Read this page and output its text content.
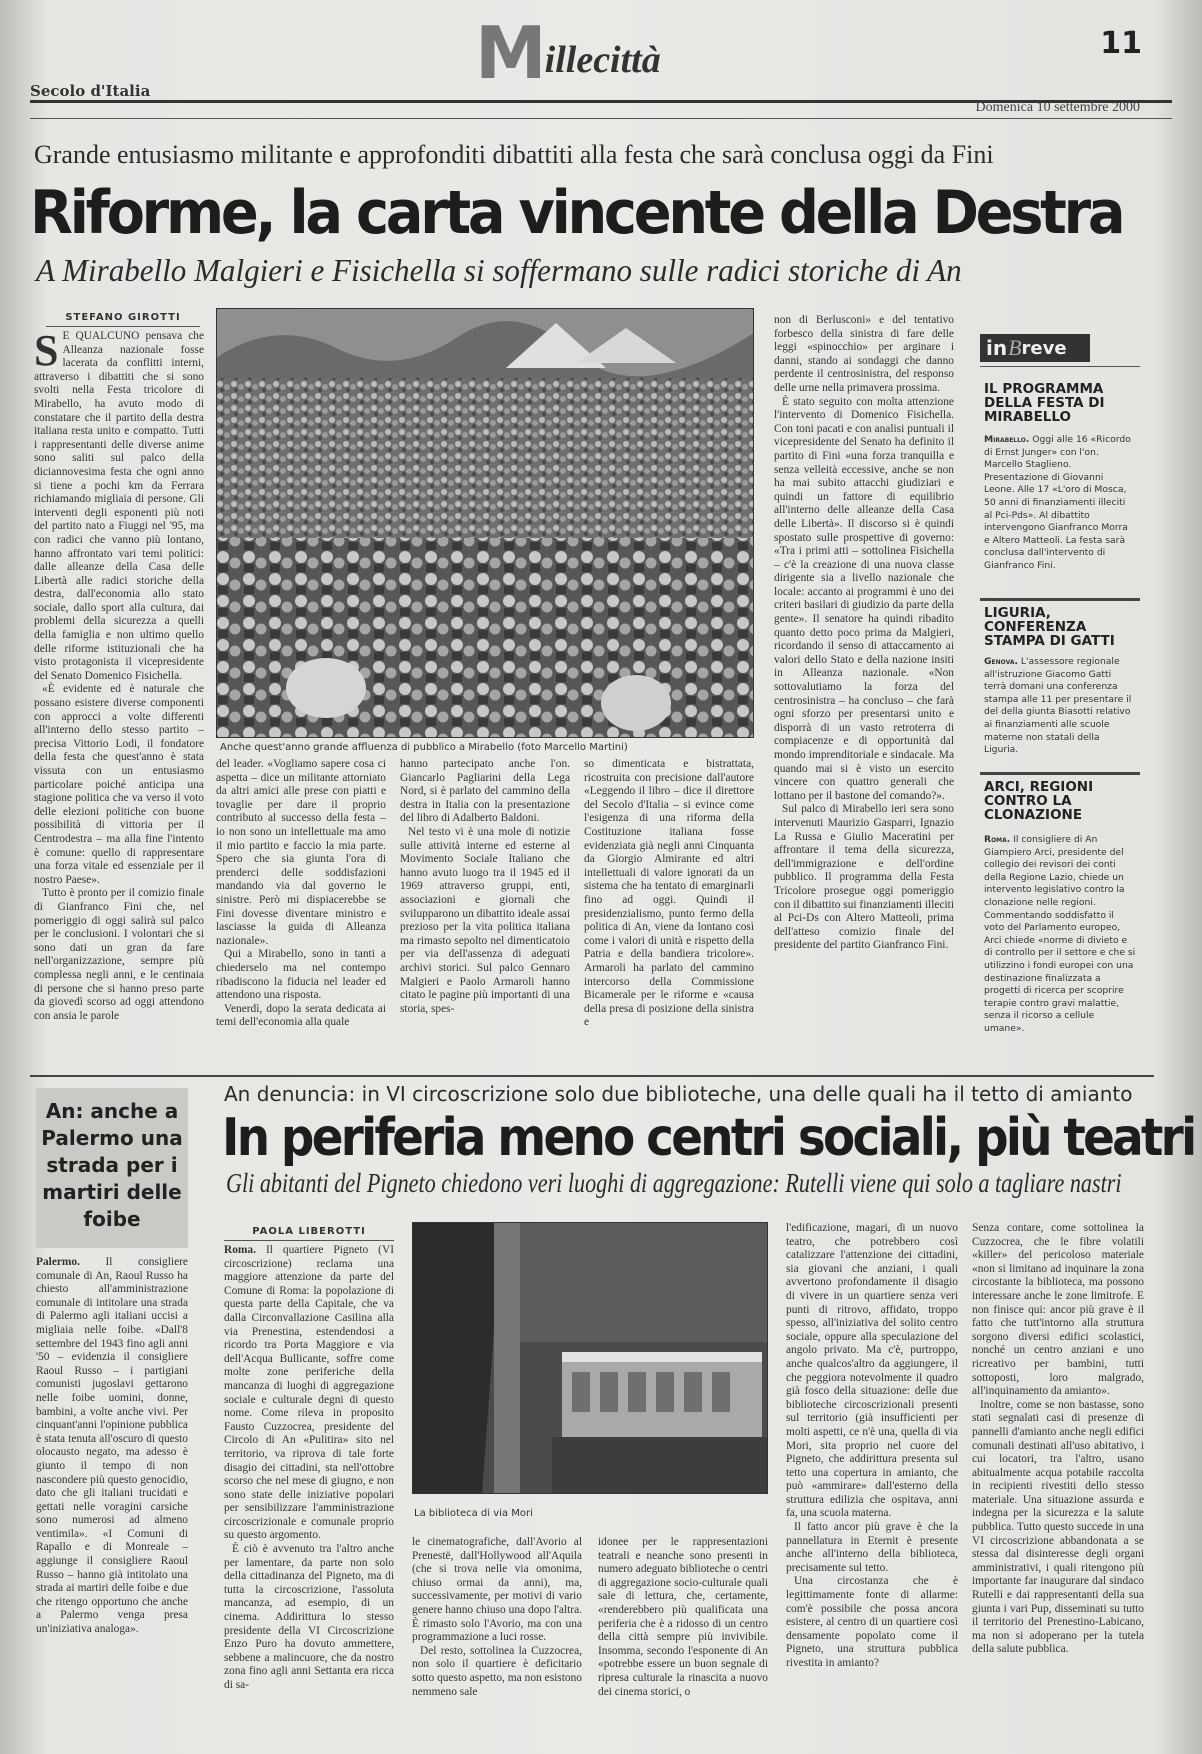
Secolo d'Italia	M illecittà	11
Domenica 10 settembre 2000
Grande entusiasmo militante e approfonditi dibattiti alla festa che sarà conclusa oggi da Fini
Riforme, la carta vincente della Destra
A Mirabello Malgieri e Fisichella si soffermano sulle radici storiche di An
STEFANO GIROTTI
S E QUALCUNO pensava che Alleanza nazionale fosse lacerata da conflitti interni, attraverso i dibattiti che si sono svolti nella Festa tricolore di Mirabello, ha avuto modo di constatare che il partito della destra italiana resta unito e compatto. Tutti i rappresentanti delle diverse anime sono saliti sul palco della diciannovesima festa che ogni anno si tiene a pochi km da Ferrara richiamando migliaia di persone. Gli interventi degli esponenti più noti del partito nato a Fiuggi nel '95, ma con radici che vanno più lontano, hanno affrontato vari temi politici: dalle alleanze della Casa delle Libertà alle radici storiche della destra, dall'economia allo stato sociale, dallo sport alla cultura, dai problemi della sicurezza a quelli della famiglia e non ultimo quello delle riforme istituzionali che ha visto protagonista il vicepresidente del Senato Domenico Fisichella.

«È evidente ed è naturale che possano esistere diverse componenti con approcci a volte differenti all'interno dello stesso partito – precisa Vittorio Lodi, il fondatore della festa che quest'anno è stata vissuta con un entusiasmo particolare poiché anticipa una stagione politica che va verso il voto delle elezioni politiche con buone possibilità di vittoria per il Centrodestra – ma alla fine l'intento è comune: quello di rappresentare una forza vitale ed essenziale per il nostro Paese».

Tutto è pronto per il comizio finale di Gianfranco Fini che, nel pomeriggio di oggi salirà sul palco per le conclusioni. I volontari che si sono dati un gran da fare nell'organizzazione, sempre più complessa negli anni, e le centinaia di persone che si hanno preso parte da giovedì scorso ad oggi attendono con ansia le parole

Anche quest'anno grande affluenza di pubblico a Mirabello (foto Marcello Martini)

del leader. «Vogliamo sapere cosa ci aspetta – dice un militante attorniato da altri amici alle prese con piatti e tovaglie per dare il proprio contributo al successo della festa – io non sono un intellettuale ma amo il mio partito e faccio la mia parte. Spero che sia giunta l'ora di prenderci delle soddisfazioni mandando via dal governo le sinistre. Però mi dispiacerebbe se Fini dovesse diventare ministro e lasciasse la guida di Alleanza nazionale».

Qui a Mirabello, sono in tanti a chiederselo ma nel contempo ribadiscono la fiducia nel leader ed attendono una risposta.

Venerdì, dopo la serata dedicata ai temi dell'economia alla quale

hanno partecipato anche l'on. Giancarlo Pagliarini della Lega Nord, si è parlato del cammino della destra in Italia con la presentazione del libro di Adalberto Baldoni.

Nel testo vi è una mole di notizie sulle attività interne ed esterne al Movimento Sociale Italiano che hanno avuto luogo tra il 1945 ed il 1969 attraverso gruppi, enti, associazioni e giornali che svilupparono un dibattito ideale assai prezioso per la vita politica italiana ma rimasto sepolto nel dimenticatoio per via dell'assenza di adeguati archivi storici. Sul palco Gennaro Malgieri e Paolo Armaroli hanno citato le pagine più importanti di una storia, spes-

so dimenticata e bistrattata, ricostruita con precisione dall'autore «Leggendo il libro – dice il direttore del Secolo d'Italia – si evince come l'esigenza di una riforma della Costituzione italiana fosse evidenziata già negli anni Cinquanta da Giorgio Almirante ed altri intellettuali di valore ignorati da un sistema che ha tentato di emarginarli fino ad oggi. Quindi il presidenzialismo, punto fermo della politica di An, viene da lontano così come i valori di unità e rispetto della Patria e della bandiera tricolore». Armaroli ha parlato del cammino intercorso della Commissione Bicamerale per le riforme e «causa della presa di posizione della sinistra e

non di Berlusconi» e del tentativo forbesco della sinistra di fare delle leggi «spinocchio» per arginare i danni, stando ai sondaggi che danno perdente il centrosinistra, del responso delle urne nella primavera prossima.

È stato seguito con molta attenzione l'intervento di Domenico Fisichella. Con toni pacati e con analisi puntuali il vicepresidente del Senato ha definito il partito di Fini «una forza tranquilla e senza velleità eccessive, anche se non ha mai subito attacchi giudiziari e quindi un fattore di equilibrio all'interno delle alleanze della Casa delle Libertà». Il discorso si è quindi spostato sulle prospettive di governo: «Tra i primi atti – sottolinea Fisichella – c'è la creazione di una nuova classe dirigente sia a livello nazionale che locale: accanto ai programmi è uno dei criteri basilari di giudizio da parte della gente». Il senatore ha quindi ribadito quanto detto poco prima da Malgieri, ricordando il senso di attaccamento ai valori dello Stato e della nazione insiti in Alleanza nazionale. «Non sottovalutiamo la forza del centrosinistra – ha concluso – che farà ogni sforzo per presentarsi unito e disporrà di un vasto retroterra di compiacenze e di opportunità dal mondo imprenditoriale e sindacale. Ma quando mai si è visto un esercito vincere con quattro generali che lottano per il bastone del comando?».

Sul palco di Mirabello ieri sera sono intervenuti Maurizio Gasparri, Ignazio La Russa e Giulio Maceratini per affrontare il tema della sicurezza, dell'immigrazione e dell'ordine pubblico. Il programma della Festa Tricolore prosegue oggi pomeriggio con il dibattito sui finanziamenti illeciti al Pci-Ds con Altero Matteoli, prima dell'atteso comizio finale del presidente del partito Gianfranco Fini.

in B reve
IL PROGRAMMA DELLA FESTA DI MIRABELLO
Mirabello. Oggi alle 16 «Ricordo di Ernst Junger» con l'on. Marcello Staglieno. Presentazione di Giovanni Leone. Alle 17 «L'oro di Mosca, 50 anni di finanziamenti illeciti al Pci-Pds». Al dibattito intervengono Gianfranco Morra e Altero Matteoli. La festa sarà conclusa dall'intervento di Gianfranco Fini.
LIGURIA, CONFERENZA STAMPA DI GATTI
Genova. L'assessore regionale all'istruzione Giacomo Gatti terrà domani una conferenza stampa alle 11 per presentare il del della giunta Biasotti relativo ai finanziamenti alle scuole materne non statali della Liguria.
ARCI, REGIONI CONTRO LA CLONAZIONE
Roma. Il consigliere di An Giampiero Arci, presidente del collegio dei revisori dei conti della Regione Lazio, chiede un intervento legislativo contro la clonazione nelle regioni. Commentando soddisfatto il voto del Parlamento europeo, Arci chiede «norme di divieto e di controllo per il settore e che si utilizzino i fondi europei con una destinazione finalizzata a progetti di ricerca per scoprire terapie contro gravi malattie, senza il ricorso a cellule umane».
An: anche a Palermo una strada per i martiri delle foibe

Palermo. Il consigliere comunale di An, Raoul Russo ha chiesto all'amministrazione comunale di intitolare una strada di Palermo agli italiani uccisi a migliaia nelle foibe. «Dall'8 settembre del 1943 fino agli anni '50 – evidenzia il consigliere Raoul Russo – i partigiani comunisti jugoslavi gettarono nelle foibe uomini, donne, bambini, a volte anche vivi. Per cinquant'anni l'opinione pubblica è stata tenuta all'oscuro di questo olocausto negato, ma adesso è giunto il tempo di non nascondere più questo genocidio, dato che gli italiani trucidati e gettati nelle voragini carsiche sono numerosi ad almeno ventimila». «I Comuni di Rapallo e di Monreale – aggiunge il consigliere Raoul Russo – hanno già intitolato una strada ai martiri delle foibe e due che ritengo opportuno che anche a Palermo venga presa un'iniziativa analoga».

An denuncia: in VI circoscrizione solo due biblioteche, una delle quali ha il tetto di amianto
In periferia meno centri sociali, più teatri
Gli abitanti del Pigneto chiedono veri luoghi di aggregazione: Rutelli viene qui solo a tagliare nastri
PAOLA LIBEROTTI

Roma. Il quartiere Pigneto (VI circoscrizione) reclama una maggiore attenzione da parte del Comune di Roma: la popolazione di questa parte della Capitale, che va dalla Circonvallazione Casilina alla via Prenestina, estendendosi a ricordo tra Porta Maggiore e via dell'Acqua Bullicante, soffre come molte zone periferiche della mancanza di luoghi di aggregazione sociale e culturale degni di questo nome. Come rileva in proposito Fausto Cuzzocrea, presidente del Circolo di An «Pulitira» sito nel territorio, va riprova di tale forte disagio dei cittadini, sta nell'ottobre scorso che nel mese di giugno, e non sono state delle iniziative popolari per sensibilizzare l'amministrazione circoscrizionale e comunale proprio su questo argomento.

È ciò è avvenuto tra l'altro anche per lamentare, da parte non solo della cittadinanza del Pigneto, ma di tutta la circoscrizione, l'assoluta mancanza, ad esempio, di un cinema. Addirittura lo stesso presidente della VI Circoscrizione Enzo Puro ha dovuto ammettere, sebbene a malincuore, che da nostro zona fino agli anni Settanta era ricca di sa-

La biblioteca di via Mori

le cinematografiche, dall'Avorio al Prenestë, dall'Hollywood all'Aquila (che si trova nelle via omonima, chiuso ormai da anni), ma, successivamente, per motivi di vario genere hanno chiuso una dopo l'altra. È rimasto solo l'Avorio, ma con una programmazione a luci rosse.

Del resto, sottolinea la Cuzzocrea, non solo il quartiere è deficitario sotto questo aspetto, ma non esistono nemmeno sale

idonee per le rappresentazioni teatrali e neanche sono presenti in numero adeguato biblioteche o centri di aggregazione socio-culturale quali sale di lettura, che, certamente, «renderebbero più qualificata una periferia che è a ridosso di un centro della città sempre più invivibile. Insomma, secondo l'esponente di An «potrebbe essere un buon segnale di ripresa culturale la rinascita a nuovo dei cinema storici, o

l'edificazione, magari, di un nuovo teatro, che potrebbero così catalizzare l'attenzione dei cittadini, sia giovani che anziani, i quali avvertono profondamente il disagio di vivere in un quartiere senza veri punti di ritrovo, affidato, troppo spesso, all'iniziativa del solito centro sociale, oppure alla speculazione del angolo privato. Ma c'è, purtroppo, anche qualcos'altro da aggiungere, il che peggiora notevolmente il quadro già fosco della situazione: delle due biblioteche circoscrizionali presenti sul territorio (già insufficienti per molti aspetti, ce n'è una, quella di via Mori, sita proprio nel cuore del Pigneto, che addirittura presenta sul tetto una copertura in amianto, che può «ammirare» dall'esterno della struttura edilizia che ospitava, anni fa, una scuola materna.

Il fatto ancor più grave è che la pannellatura in Eternit è presente anche all'interno della biblioteca, precisamente sul tetto.

Una circostanza che è legittimamente fonte di allarme: com'è possibile che possa ancora esistere, al centro di un quartiere così densamente popolato come il Pigneto, una struttura pubblica rivestita in amianto?

Senza contare, come sottolinea la Cuzzocrea, che le fibre volatili «killer» del pericoloso materiale «non si limitano ad inquinare la zona circostante la biblioteca, ma possono interessare anche le zone limitrofe. E non finisce qui: ancor più grave è il fatto che tutt'intorno alla struttura sorgono diversi edifici scolastici, nonché un centro anziani e uno ricreativo per bambini, tutti sottoposti, loro malgrado, all'inquinamento da amianto».

Inoltre, come se non bastasse, sono stati segnalati casi di presenze di pannelli d'amianto anche negli edifici comunali destinati all'uso abitativo, i cui locatori, tra l'altro, usano abitualmente acqua potabile raccolta in recipienti rivestiti dello stesso materiale. Una situazione assurda e indegna per la sicurezza e la salute pubblica. Tutto questo succede in una VI circoscrizione abbandonata a se stessa dal disinteresse degli organi amministrativi, i quali ritengono più importante far inaugurare dal sindaco Rutelli e dai rappresentanti della sua giunta i vari Pup, disseminati su tutto il territorio del Prenestino-Labicano, ma non si adoperano per la tutela della salute pubblica.
